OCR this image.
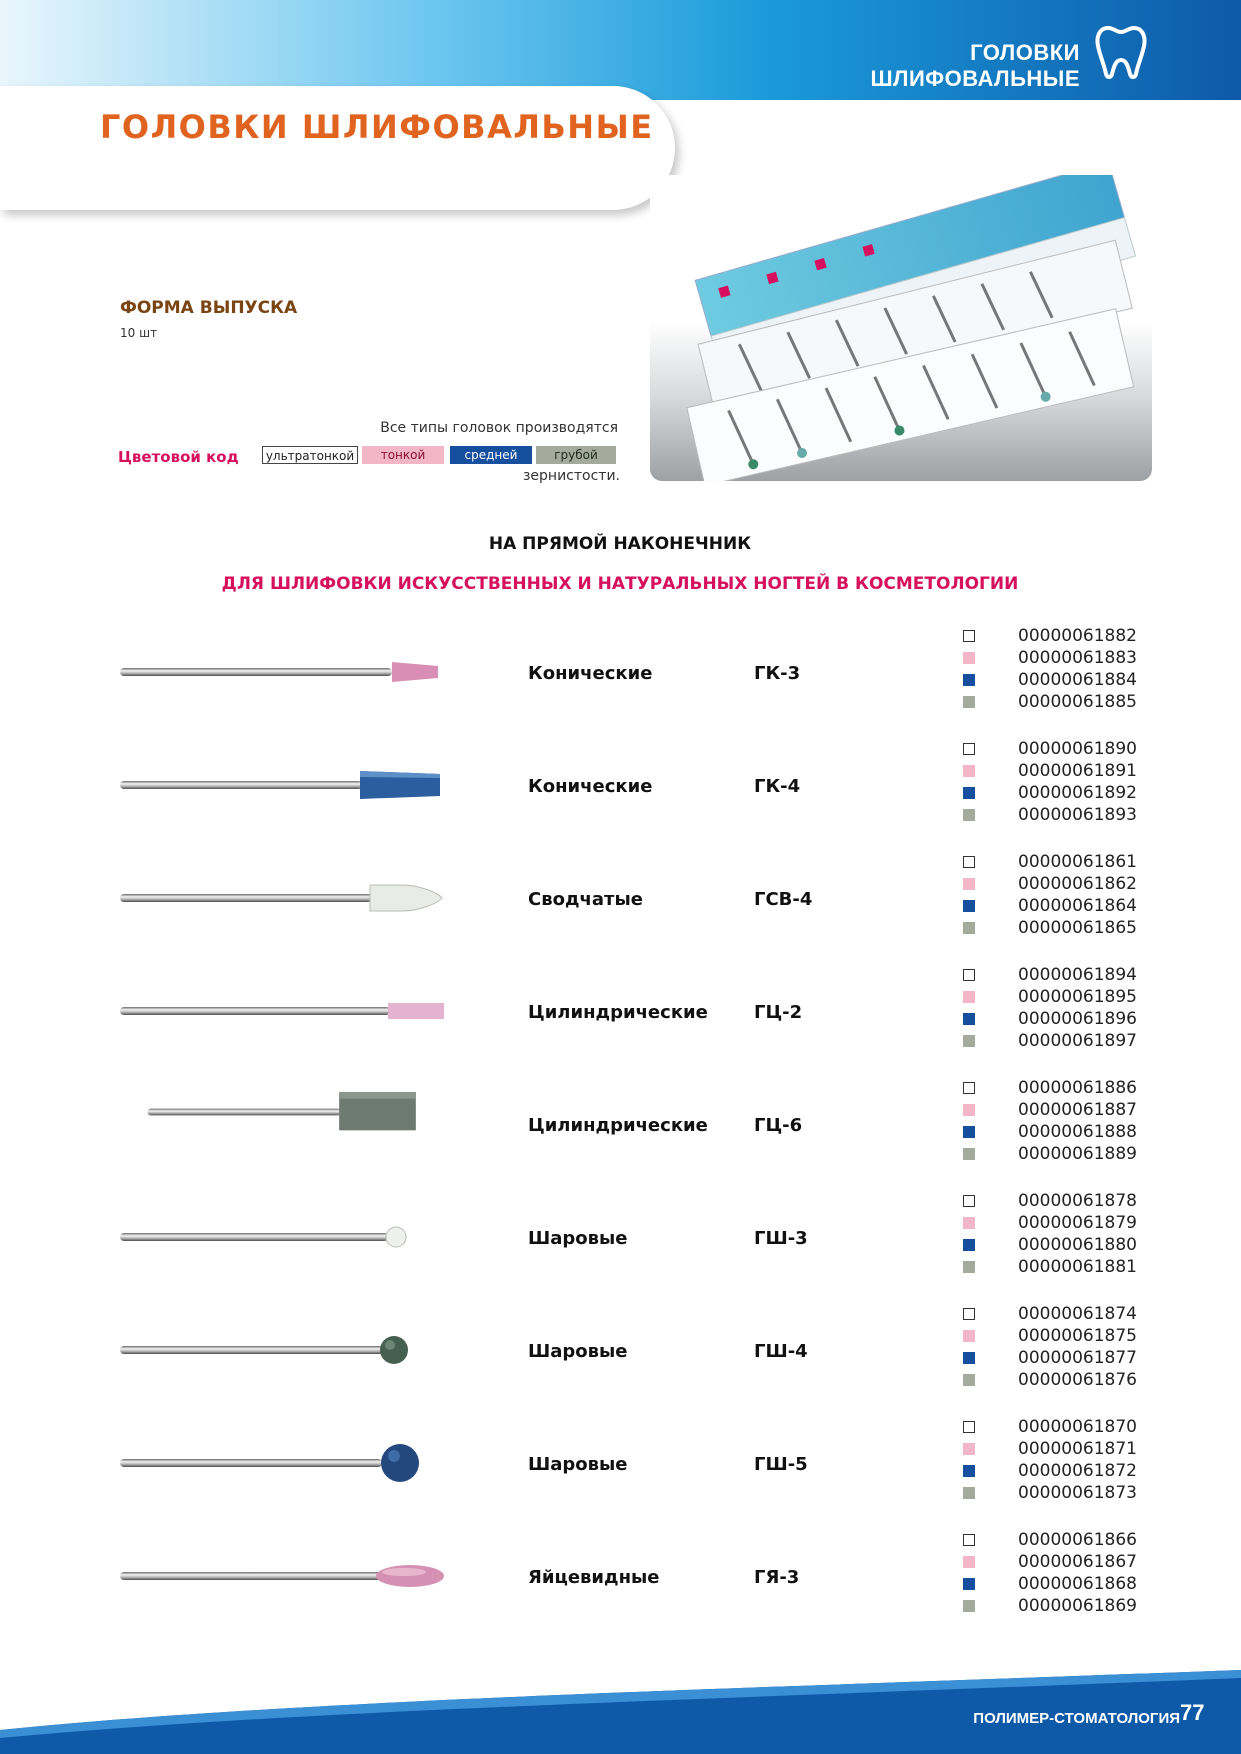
ГОЛОВКИ ШЛИФОВАЛЬНЫЕ
ГОЛОВКИ ШЛИФОВАЛЬНЫЕ
ФОРМА ВЫПУСКА
10 шт
Все типы головок производятся
Цветовой код	ультратонкой	тонкой	средней	грубой
зернистости.
НА ПРЯМОЙ НАКОНЕЧНИК
ДЛЯ ШЛИФОВКИ ИСКУССТВЕННЫХ И НАТУРАЛЬНЫХ НОГТЕЙ В КОСМЕТОЛОГИИ
Конические	ГК-3
00000061882
00000061883
00000061884
00000061885
Конические	ГК-4
00000061890
00000061891
00000061892
00000061893
Сводчатые	ГСВ-4
00000061861
00000061862
00000061864
00000061865
Цилиндрические	ГЦ-2
00000061894
00000061895
00000061896
00000061897
Цилиндрические	ГЦ-6
00000061886
00000061887
00000061888
00000061889
Шаровые	ГШ-3
00000061878
00000061879
00000061880
00000061881
Шаровые	ГШ-4
00000061874
00000061875
00000061877
00000061876
Шаровые	ГШ-5
00000061870
00000061871
00000061872
00000061873
Яйцевидные	ГЯ-3
00000061866
00000061867
00000061868
00000061869
ПОЛИМЕР-СТОМАТОЛОГИЯ 77
